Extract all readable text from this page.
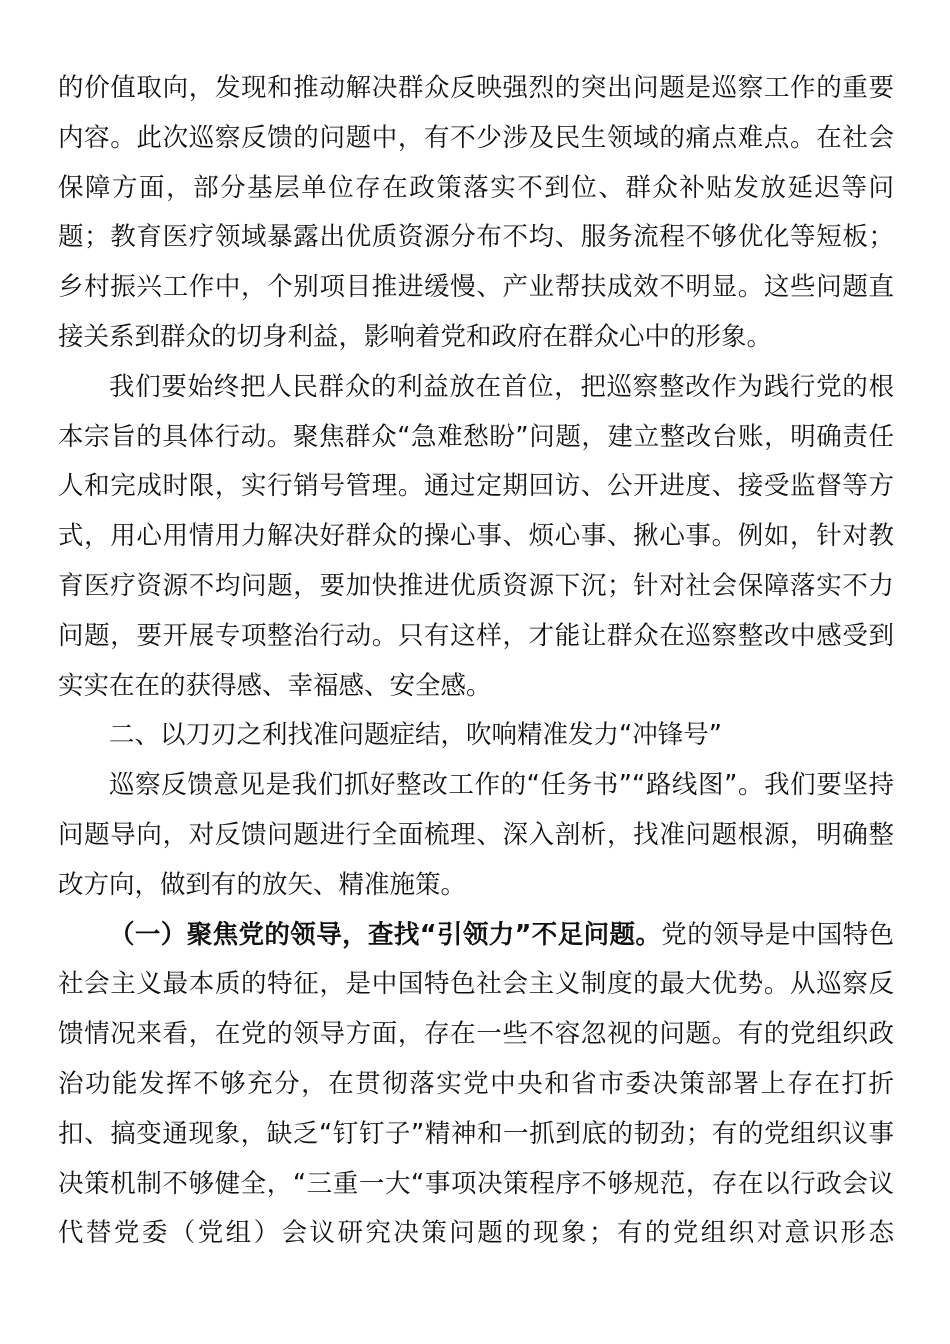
的价值取向，发现和推动解决群众反映强烈的突出问题是巡察工作的重要内容。此次巡察反馈的问题中，有不少涉及民生领域的痛点难点。在社会保障方面，部分基层单位存在政策落实不到位、群众补贴发放延迟等问题；教育医疗领域暴露出优质资源分布不均、服务流程不够优化等短板；乡村振兴工作中，个别项目推进缓慢、产业帮扶成效不明显。这些问题直接关系到群众的切身利益，影响着党和政府在群众心中的形象。

我们要始终把人民群众的利益放在首位，把巡察整改作为践行党的根本宗旨的具体行动。聚焦群众“急难愁盼”问题，建立整改台账，明确责任人和完成时限，实行销号管理。通过定期回访、公开进度、接受监督等方式，用心用情用力解决好群众的操心事、烦心事、揪心事。例如，针对教育医疗资源不均问题，要加快推进优质资源下沉；针对社会保障落实不力问题，要开展专项整治行动。只有这样，才能让群众在巡察整改中感受到实实在在的获得感、幸福感、安全感。

二、以刀刃之利找准问题症结，吹响精准发力“冲锋号”

巡察反馈意见是我们抓好整改工作的“任务书”“路线图”。我们要坚持问题导向，对反馈问题进行全面梳理、深入剖析，找准问题根源，明确整改方向，做到有的放矢、精准施策。

（一）聚焦党的领导，查找“引领力”不足问题。党的领导是中国特色社会主义最本质的特征，是中国特色社会主义制度的最大优势。从巡察反馈情况来看，在党的领导方面，存在一些不容忽视的问题。有的党组织政治功能发挥不够充分，在贯彻落实党中央和省市委决策部署上存在打折扣、搞变通现象，缺乏“钉钉子”精神和一抓到底的韧劲；有的党组织议事决策机制不够健全，“三重一大“事项决策程序不够规范，存在以行政会议代替党委（党组）会议研究决策问题的现象；有的党组织对意识形态
